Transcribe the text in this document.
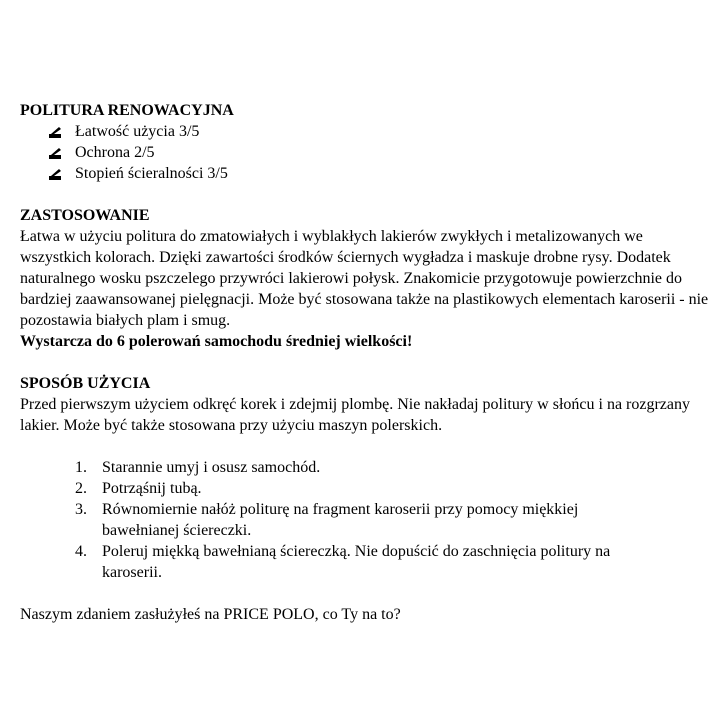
POLITURA RENOWACYJNA
Łatwość użycia 3/5
Ochrona 2/5
Stopień ścieralności 3/5
ZASTOSOWANIE

Łatwa w użyciu politura do zmatowiałych i wyblakłych lakierów zwykłych i metalizowanych we wszystkich kolorach. Dzięki zawartości środków ściernych wygładza i maskuje drobne rysy. Dodatek naturalnego wosku pszczelego przywróci lakierowi połysk. Znakomicie przygotowuje powierzchnie do bardziej zaawansowanej pielęgnacji. Może być stosowana także na plastikowych elementach karoserii - nie pozostawia białych plam i smug.

Wystarcza do 6 polerowań samochodu średniej wielkości!
SPOSÓB UŻYCIA

Przed pierwszym użyciem odkręć korek i zdejmij plombę. Nie nakładaj politury w słońcu i na rozgrzany lakier. Może być także stosowana przy użyciu maszyn polerskich.

1. Starannie umyj i osusz samochód.
2. Potrząśnij tubą.
3. Równomiernie nałóż politurę na fragment karoserii przy pomocy miękkiej bawełnianej ściereczki.
4. Poleruj miękką bawełnianą ściereczką. Nie dopuścić do zaschnięcia politury na karoserii.
Naszym zdaniem zasłużyłeś na PRICE POLO, co Ty na to?
